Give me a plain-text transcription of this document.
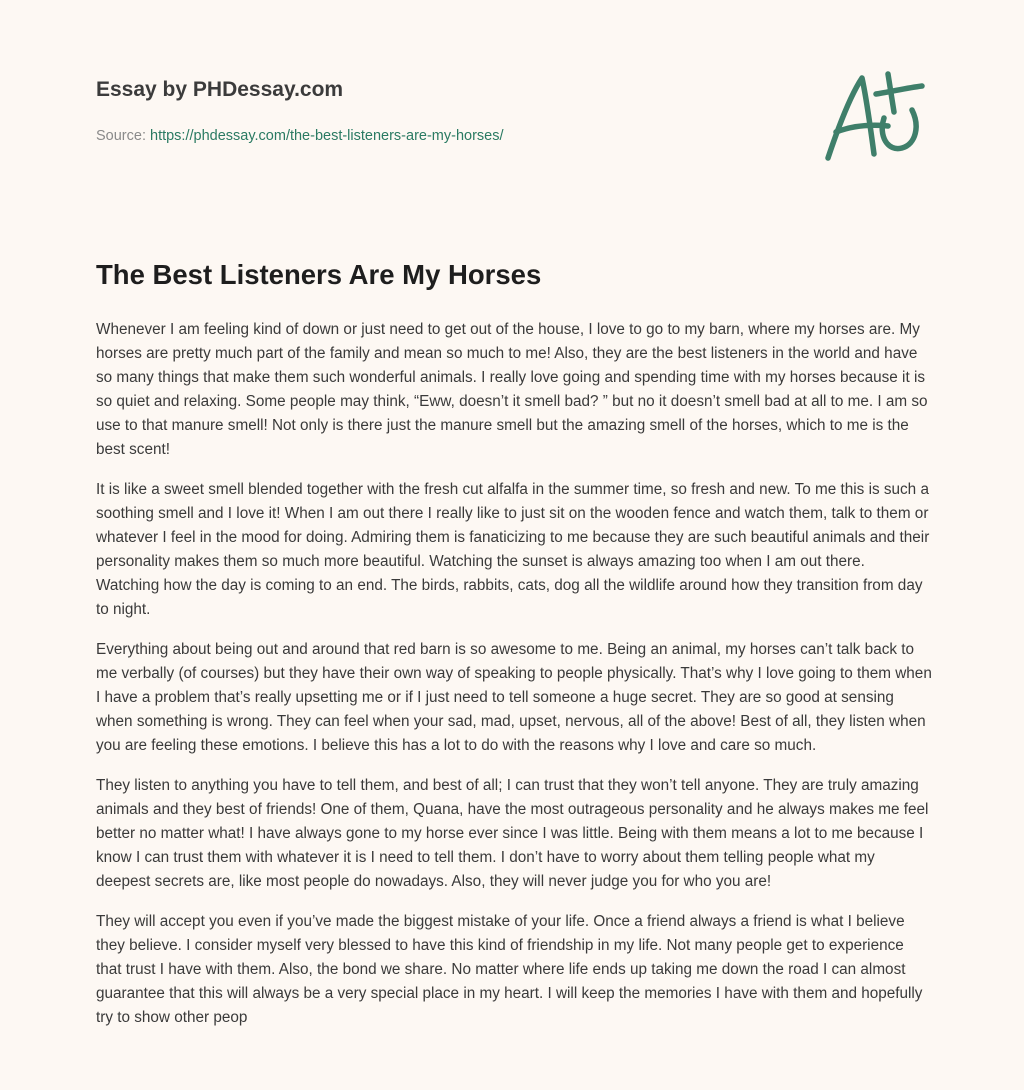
Essay by PHDessay.com
Source: https://phdessay.com/the-best-listeners-are-my-horses/
The Best Listeners Are My Horses

Whenever I am feeling kind of down or just need to get out of the house, I love to go to my barn, where my horses are. My horses are pretty much part of the family and mean so much to me! Also, they are the best listeners in the world and have so many things that make them such wonderful animals. I really love going and spending time with my horses because it is so quiet and relaxing. Some people may think, “Eww, doesn’t it smell bad? ” but no it doesn’t smell bad at all to me. I am so use to that manure smell! Not only is there just the manure smell but the amazing smell of the horses, which to me is the best scent!

It is like a sweet smell blended together with the fresh cut alfalfa in the summer time, so fresh and new. To me this is such a soothing smell and I love it! When I am out there I really like to just sit on the wooden fence and watch them, talk to them or whatever I feel in the mood for doing. Admiring them is fanaticizing to me because they are such beautiful animals and their personality makes them so much more beautiful. Watching the sunset is always amazing too when I am out there. Watching how the day is coming to an end. The birds, rabbits, cats, dog all the wildlife around how they transition from day to night.

Everything about being out and around that red barn is so awesome to me. Being an animal, my horses can’t talk back to me verbally (of courses) but they have their own way of speaking to people physically. That’s why I love going to them when I have a problem that’s really upsetting me or if I just need to tell someone a huge secret. They are so good at sensing when something is wrong. They can feel when your sad, mad, upset, nervous, all of the above! Best of all, they listen when you are feeling these emotions. I believe this has a lot to do with the reasons why I love and care so much.

They listen to anything you have to tell them, and best of all; I can trust that they won’t tell anyone. They are truly amazing animals and they best of friends! One of them, Quana, have the most outrageous personality and he always makes me feel better no matter what! I have always gone to my horse ever since I was little. Being with them means a lot to me because I know I can trust them with whatever it is I need to tell them. I don’t have to worry about them telling people what my deepest secrets are, like most people do nowadays. Also, they will never judge you for who you are!

They will accept you even if you’ve made the biggest mistake of your life. Once a friend always a friend is what I believe they believe. I consider myself very blessed to have this kind of friendship in my life. Not many people get to experience that trust I have with them. Also, the bond we share. No matter where life ends up taking me down the road I can almost guarantee that this will always be a very special place in my heart. I will keep the memories I have with them and hopefully try to show other peop
